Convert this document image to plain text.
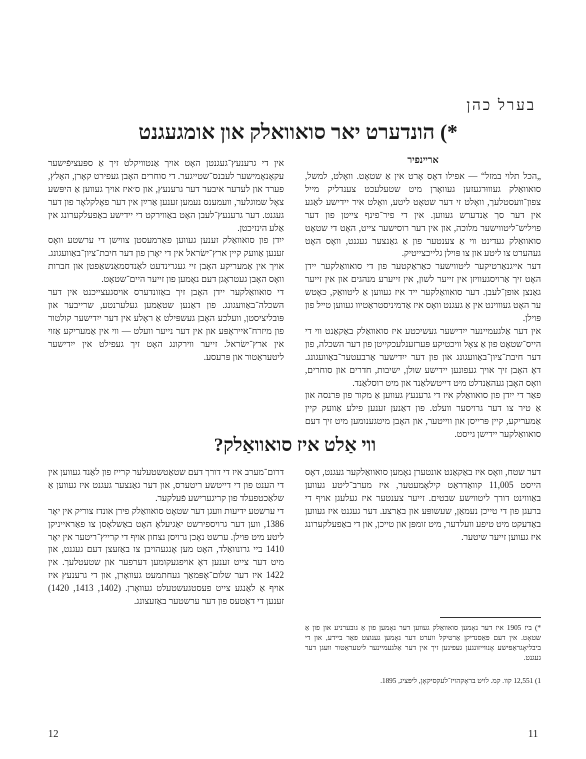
בערל כהן
*) הונדערט יאר סואוואלק און אומגעגנט
אריינפיר

„הכל תלוי במזל“ — אפילו דאָס אָרט אין אַ שטאָט. וואָלט, למשל, סואוואַלק געוווּרגעזען געוואָרן מיט שטעלעכט צענדליק מייל צפון־וועסטלעך, וואָלט זי דער שטאָט ליטע, וואָלט איר יידישע לאַגע אין דער סך אַנדערש געווען. אין די פיר־פינף צייטן פון דער פויליש־ליטווישער מלוכה, און אין דער רוסישער צייט, האָט די שטאָט סואוואַלק געדינט ווי אַ צענטער פון אַ גאַנצער געגנט, וואָס האָט געהערט צו ליטע און צו פּוילן גלייכצייטיק.

דער אייגנאַרטיקער ליטווישער כאַראַקטער פון די סואוואַלקער יידן האָט זיך אַרויסגעוויזן אין זייער לשון, אין זייערע מנהגים און אין זייער גאַנצן אופן־לעבן. דער סואוואַלקער ייד איז געווען אַ ליטוואַק, כאָטש ער האָט געוווינט אין אַ געגנט וואָס איז אַדמיניסטראַטיוו געווען טייל פון פּוילן.

אין דער אַלגעמיינער ייִדישער געשיכטע איז סואוואַלק באַקאַנט ווי די הייס־שטאָט פון אַ צאָל וויכטיקע פּערזענלעכקייטן פון דער השכלה, פון דער חיבת־ציון־באַוועגונג און פון דער ייִדישער אַרבעטער־באַוועגונג. דאָ האָבן זיך אויך געפונען יידישע שולן, ישיבות, חדרים און סוחרים, וואָס האָבן געהאַנדלט מיט דייטשלאַנד און מיט רוסלאַנד.

פאַר די ייִדן פון סואוואַלק איז די גרענעץ געווען אַ מקור פון פּרנסה און אַ טיר צו דער גרויסער וועלט. פון דאַנען זענען פילע אַוועק קיין אַמעריקע, קיין פּרייסן און ווייטער, און האָבן מיטגענומען מיט זיך דעם סואוואַלקער יידישן גייסט.

אין די גרענעץ־געגנטן האָט אויך אַנטוויקלט זיך אַ ספּעציפֿישער עקאָנאָמישער לעבנס־שטייגער. די סוחרים האָבן געפירט קאָרן, האָלץ, פערד און לעדער איבער דער גרענעץ, און ס׳איז אויך געווען אַ היפּשע צאָל שמוגלער, וועמענס נעמען זענען אַרײַן אין דער פאָלקלאָר פון דער געגנט. דער גרענעץ־לעבן האָט באַווירקט די יידישע באַפעלקערונג אין אַלע הינזיכטן.

ייִדן פון סואוואַלק זענען געווען פאַרמעסטן צווישן די ערשטע וואָס זענען אַוועק קיין ארץ־ישׂראל אין די יאָרן פון דער חיבת־ציון־באַוועגונג. אויך אין אַמעריקע האָבן זיי געגרינדעט לאַנדסמאַנשאַפטן און חברות וואָס האָבן געטראָגן דעם נאָמען פון זייער היים־שטאָט.

די סואוואַלקער יידן האָבן זיך באַזונדערס אויסגעצייכנט אין דער השכלה־באַוועגונג. פון דאַנען שטאַמען געלערנטע, שרייבער און פּובליציסטן, וועלכע האָבן געשפּילט אַ ראָלע אין דער ייִדישער קולטור פון מיזרח־אייראָפּע און אין דער נייער וועלט — ווי אין אַמעריקע אַזוי אין ארץ־ישׂראל. זייער ווירקונג האָט זיך געפילט אין ייִדישער ליטעראַטור און פּרעסע.

ווי אַלט איז סואוואַלק?

דער שטח, וואָס איז באַקאַנט אונטערן נאָמען סואוואַלקער געגנט, דאָס הייסט 11,005 קוואַדראַט קילאָמעטער, איז מערב־ליטע געווען באַוווינט דורך ליטווישע שבטים. זייער צענטער איז געלעגן אויף די ברעגן פון די טייכן נעמאַן, שעשופּע און באַרצע. דער געגנט איז געווען באַדעקט מיט טיפע וועלדער, מיט זומפּן און טייכן, און די באַפעלקערונג איז געווען זייער שיטער.

דרום־מערב איז די דורך דעם שטאַטשטעלער קרייז פון לאַנד געווען אין די הענט פון די דייטשע ריטערס, און דער גאַנצער געגנט איז געווען אַ שלאַכטפעלד פון קריגערישע פֿעלקער.

די ערשטע ידיעות וועגן דער שטאָט סואוואַלק פירן אונדז צוריק אין יאָר 1386, ווען דער גרויספירשט יאַגיעלאָ האָט באַשלאָסן צו פאַראייניקן ליטע מיט פּוילן. ערשט נאָכן גרויסן נצחון אויף די קרייץ־ריטער אין יאָר 1410 ביי גרונוואַלד, האָט מען אָנגעהויבן צו באַזעצן דעם געגנט, און מיט דער צייט זענען דאָ אויפגעקומען דערפער און שטעטלעך. אין 1422 איז דער שלום־אָפּמאַך געחתמעט געוואָרן, און די גרענעץ איז אויף אַ לאַנגע צייט פעסטגעשטעלט געוואָרן. (1402, 1413, 1420) זענען די דאַטעס פון דער ערשטער באַזעצונג.

*) ביז 1905 איז דער נאָמען סואוואַלק געווען דער נאָמען פון אַ גובערניע און פון אַ שטאָט. אין דעם פּאַסנדיקן אַרטיקל ווערט דער נאָמען גענוצט פאַר ביידע, און די ביבליאָגראַפישע אָנווייזונגען געפינען זיך אין דער אַלגעמיינער ליטעראַטור וועגן דער געגנט.
1) 12,551 קוו. קמ. לויט בראָקהויז־לעקסיקאָן, ליפּציג, 1895.
12	11
